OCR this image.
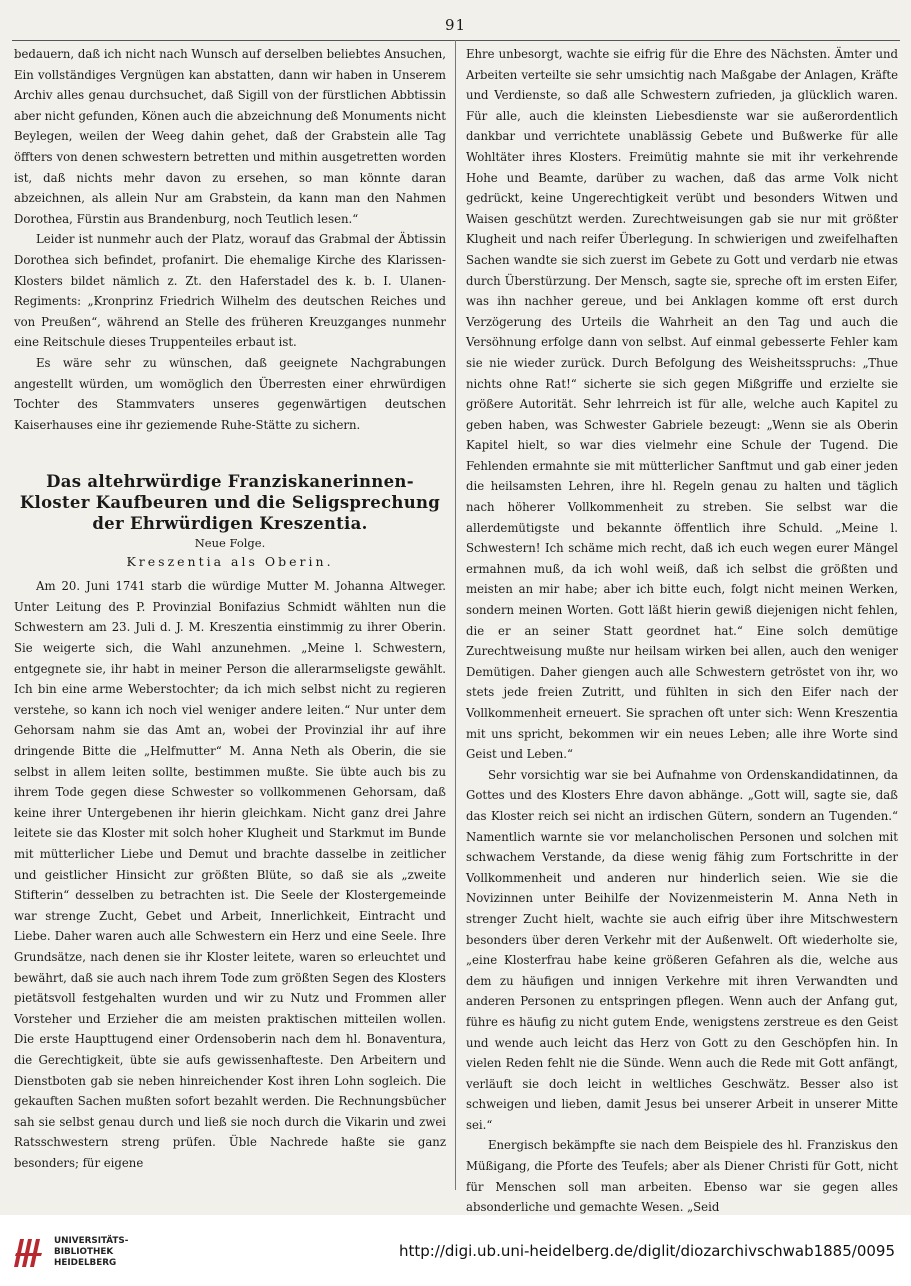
91

bedauern, daß ich nicht nach Wunsch auf derselben beliebtes Ansuchen, Ein vollständiges Vergnügen kan abstatten, dann wir haben in Unserem Archiv alles genau durchsuchet, daß Sigill von der fürstlichen Abbtissin aber nicht gefunden, Könen auch die abzeichnung deß Monuments nicht Beylegen, weilen der Weeg dahin gehet, daß der Grabstein alle Tag öffters von denen schwestern betretten und mithin ausgetretten worden ist, daß nichts mehr davon zu ersehen, so man könnte daran abzeichnen, als allein Nur am Grabstein, da kann man den Nahmen Dorothea, Fürstin aus Brandenburg, noch Teutlich lesen.“

Leider ist nunmehr auch der Platz, worauf das Grabmal der Äbtissin Dorothea sich befindet, profanirt. Die ehemalige Kirche des Klarissen-Klosters bildet nämlich z. Zt. den Haferstadel des k. b. I. Ulanen-Regiments: „Kronprinz Friedrich Wilhelm des deutschen Reiches und von Preußen“, während an Stelle des früheren Kreuzganges nunmehr eine Reitschule dieses Truppenteiles erbaut ist.

Es wäre sehr zu wünschen, daß geeignete Nachgrabungen angestellt würden, um womöglich den Überresten einer ehrwürdigen Tochter des Stammvaters unseres gegenwärtigen deutschen Kaiserhauses eine ihr geziemende Ruhe-Stätte zu sichern.

Das altehrwürdige Franziskanerinnen-Kloster Kaufbeuren und die Seligsprechung der Ehrwürdigen Kreszentia.

Neue Folge.

Kreszentia als Oberin.

Am 20. Juni 1741 starb die würdige Mutter M. Johanna Altweger. Unter Leitung des P. Provinzial Bonifazius Schmidt wählten nun die Schwestern am 23. Juli d. J. M. Kreszentia einstimmig zu ihrer Oberin. Sie weigerte sich, die Wahl anzunehmen. „Meine l. Schwestern, entgegnete sie, ihr habt in meiner Person die allerarmseligste gewählt. Ich bin eine arme Weberstochter; da ich mich selbst nicht zu regieren verstehe, so kann ich noch viel weniger andere leiten.“ Nur unter dem Gehorsam nahm sie das Amt an, wobei der Provinzial ihr auf ihre dringende Bitte die „Helfmutter“ M. Anna Neth als Oberin, die sie selbst in allem leiten sollte, bestimmen mußte. Sie übte auch bis zu ihrem Tode gegen diese Schwester so vollkommenen Gehorsam, daß keine ihrer Untergebenen ihr hierin gleichkam. Nicht ganz drei Jahre leitete sie das Kloster mit solch hoher Klugheit und Starkmut im Bunde mit mütterlicher Liebe und Demut und brachte dasselbe in zeitlicher und geistlicher Hinsicht zur größten Blüte, so daß sie als „zweite Stifterin“ desselben zu betrachten ist. Die Seele der Klostergemeinde war strenge Zucht, Gebet und Arbeit, Innerlichkeit, Eintracht und Liebe. Daher waren auch alle Schwestern ein Herz und eine Seele. Ihre Grundsätze, nach denen sie ihr Kloster leitete, waren so erleuchtet und bewährt, daß sie auch nach ihrem Tode zum größten Segen des Klosters pietätsvoll festgehalten wurden und wir zu Nutz und Frommen aller Vorsteher und Erzieher die am meisten praktischen mitteilen wollen. Die erste Haupttugend einer Ordensoberin nach dem hl. Bonaventura, die Gerechtigkeit, übte sie aufs gewissenhafteste. Den Arbeitern und Dienstboten gab sie neben hinreichender Kost ihren Lohn sogleich. Die gekauften Sachen mußten sofort bezahlt werden. Die Rechnungsbücher sah sie selbst genau durch und ließ sie noch durch die Vikarin und zwei Ratsschwestern streng prüfen. Üble Nachrede haßte sie ganz besonders; für eigene

Ehre unbesorgt, wachte sie eifrig für die Ehre des Nächsten. Ämter und Arbeiten verteilte sie sehr umsichtig nach Maßgabe der Anlagen, Kräfte und Verdienste, so daß alle Schwestern zufrieden, ja glücklich waren. Für alle, auch die kleinsten Liebesdienste war sie außerordentlich dankbar und verrichtete unablässig Gebete und Bußwerke für alle Wohltäter ihres Klosters. Freimütig mahnte sie mit ihr verkehrende Hohe und Beamte, darüber zu wachen, daß das arme Volk nicht gedrückt, keine Ungerechtigkeit verübt und besonders Witwen und Waisen geschützt werden. Zurechtweisungen gab sie nur mit größter Klugheit und nach reifer Überlegung. In schwierigen und zweifelhaften Sachen wandte sie sich zuerst im Gebete zu Gott und verdarb nie etwas durch Überstürzung. Der Mensch, sagte sie, spreche oft im ersten Eifer, was ihn nachher gereue, und bei Anklagen komme oft erst durch Verzögerung des Urteils die Wahrheit an den Tag und auch die Versöhnung erfolge dann von selbst. Auf einmal gebesserte Fehler kam sie nie wieder zurück. Durch Befolgung des Weisheitsspruchs: „Thue nichts ohne Rat!“ sicherte sie sich gegen Mißgriffe und erzielte sie größere Autorität. Sehr lehrreich ist für alle, welche auch Kapitel zu geben haben, was Schwester Gabriele bezeugt: „Wenn sie als Oberin Kapitel hielt, so war dies vielmehr eine Schule der Tugend. Die Fehlenden ermahnte sie mit mütterlicher Sanftmut und gab einer jeden die heilsamsten Lehren, ihre hl. Regeln genau zu halten und täglich nach höherer Vollkommenheit zu streben. Sie selbst war die allerdemütigste und bekannte öffentlich ihre Schuld. „Meine l. Schwestern! Ich schäme mich recht, daß ich euch wegen eurer Mängel ermahnen muß, da ich wohl weiß, daß ich selbst die größten und meisten an mir habe; aber ich bitte euch, folgt nicht meinen Werken, sondern meinen Worten. Gott läßt hierin gewiß diejenigen nicht fehlen, die er an seiner Statt geordnet hat.“ Eine solch demütige Zurechtweisung mußte nur heilsam wirken bei allen, auch den weniger Demütigen. Daher giengen auch alle Schwestern getröstet von ihr, wo stets jede freien Zutritt, und fühlten in sich den Eifer nach der Vollkommenheit erneuert. Sie sprachen oft unter sich: Wenn Kreszentia mit uns spricht, bekommen wir ein neues Leben; alle ihre Worte sind Geist und Leben.“

Sehr vorsichtig war sie bei Aufnahme von Ordenskandidatinnen, da Gottes und des Klosters Ehre davon abhänge. „Gott will, sagte sie, daß das Kloster reich sei nicht an irdischen Gütern, sondern an Tugenden.“ Namentlich warnte sie vor melancholischen Personen und solchen mit schwachem Verstande, da diese wenig fähig zum Fortschritte in der Vollkommenheit und anderen nur hinderlich seien. Wie sie die Novizinnen unter Beihilfe der Novizenmeisterin M. Anna Neth in strenger Zucht hielt, wachte sie auch eifrig über ihre Mitschwestern besonders über deren Verkehr mit der Außenwelt. Oft wiederholte sie, „eine Klosterfrau habe keine größeren Gefahren als die, welche aus dem zu häufigen und innigen Verkehre mit ihren Verwandten und anderen Personen zu entspringen pflegen. Wenn auch der Anfang gut, führe es häufig zu nicht gutem Ende, wenigstens zerstreue es den Geist und wende auch leicht das Herz von Gott zu den Geschöpfen hin. In vielen Reden fehlt nie die Sünde. Wenn auch die Rede mit Gott anfängt, verläuft sie doch leicht in weltliches Geschwätz. Besser also ist schweigen und lieben, damit Jesus bei unserer Arbeit in unserer Mitte sei.“

Energisch bekämpfte sie nach dem Beispiele des hl. Franziskus den Müßigang, die Pforte des Teufels; aber als Diener Christi für Gott, nicht für Menschen soll man arbeiten. Ebenso war sie gegen alles absonderliche und gemachte Wesen. „Seid

UNIVERSITÄTS-
BIBLIOTHEK
HEIDELBERG
http://digi.ub.uni-heidelberg.de/diglit/diozarchivschwab1885/0095
